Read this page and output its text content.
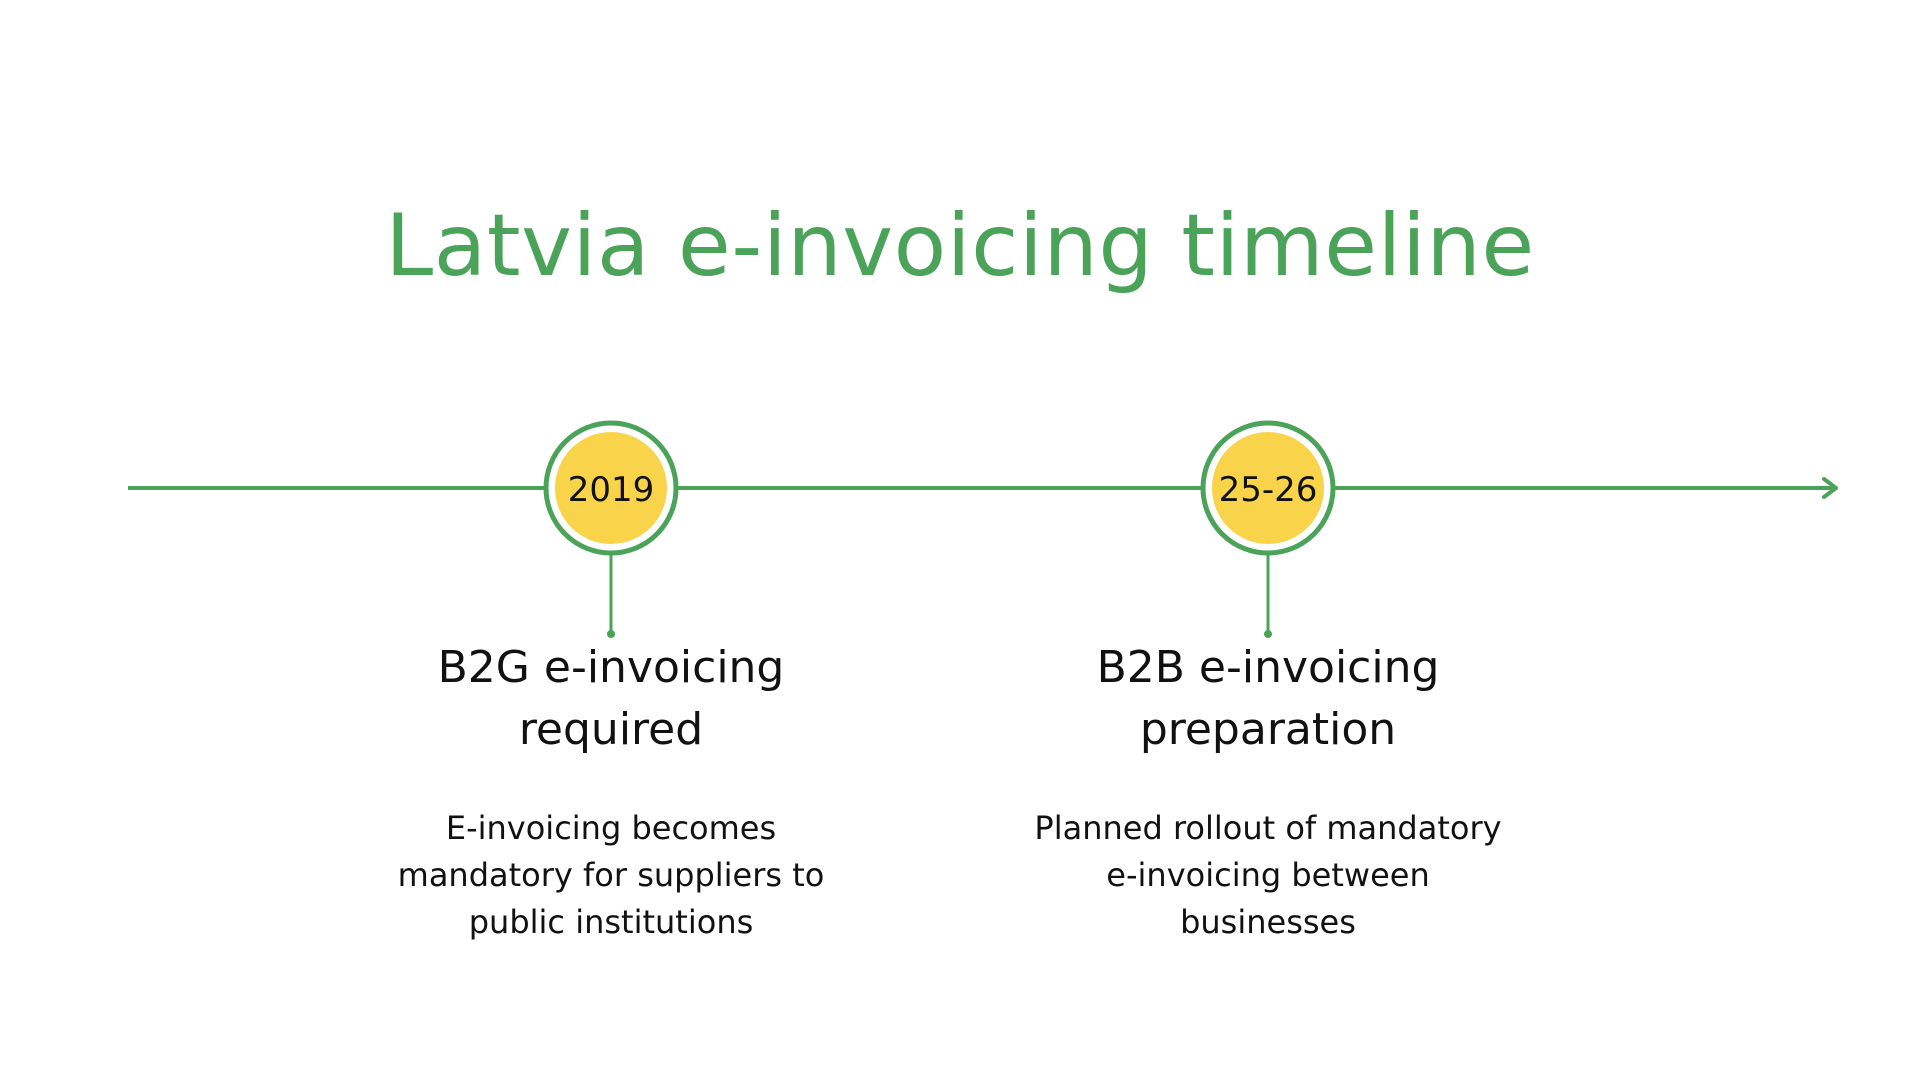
Latvia e-invoicing timeline
2019
B2G e-invoicing
required
E-invoicing becomes
mandatory for suppliers to
public institutions
25-26
B2B e-invoicing
preparation
Planned rollout of mandatory
e-invoicing between
businesses
